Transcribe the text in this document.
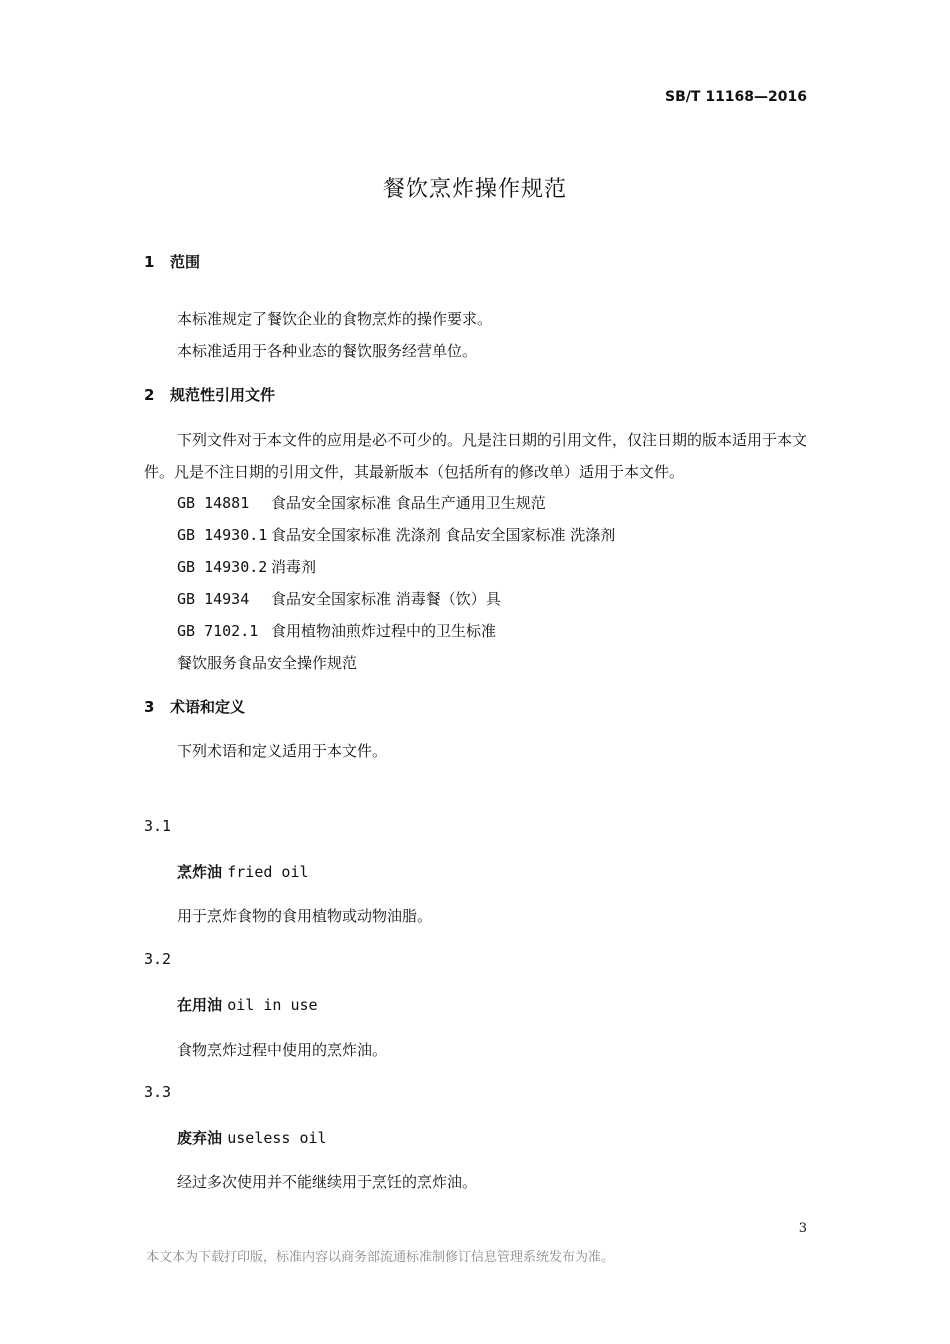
SB/T 11168—2016
餐饮烹炸操作规范
1 范围
本标准规定了餐饮企业的食物烹炸的操作要求。
本标准适用于各种业态的餐饮服务经营单位。
2 规范性引用文件
下列文件对于本文件的应用是必不可少的。凡是注日期的引用文件，仅注日期的版本适用于本文件。凡是不注日期的引用文件，其最新版本（包括所有的修改单）适用于本文件。
GB 14881 食品安全国家标准 食品生产通用卫生规范
GB 14930.1 食品安全国家标准 洗涤剂 食品安全国家标准 洗涤剂
GB 14930.2 消毒剂
GB 14934 食品安全国家标准 消毒餐（饮）具
GB 7102.1 食用植物油煎炸过程中的卫生标准
餐饮服务食品安全操作规范
3 术语和定义
下列术语和定义适用于本文件。
3.1
烹炸油 fried oil
用于烹炸食物的食用植物或动物油脂。
3.2
在用油 oil in use
食物烹炸过程中使用的烹炸油。
3.3
废弃油 useless oil
经过多次使用并不能继续用于烹饪的烹炸油。
3
本文本为下载打印版，标准内容以商务部流通标准制修订信息管理系统发布为准。
